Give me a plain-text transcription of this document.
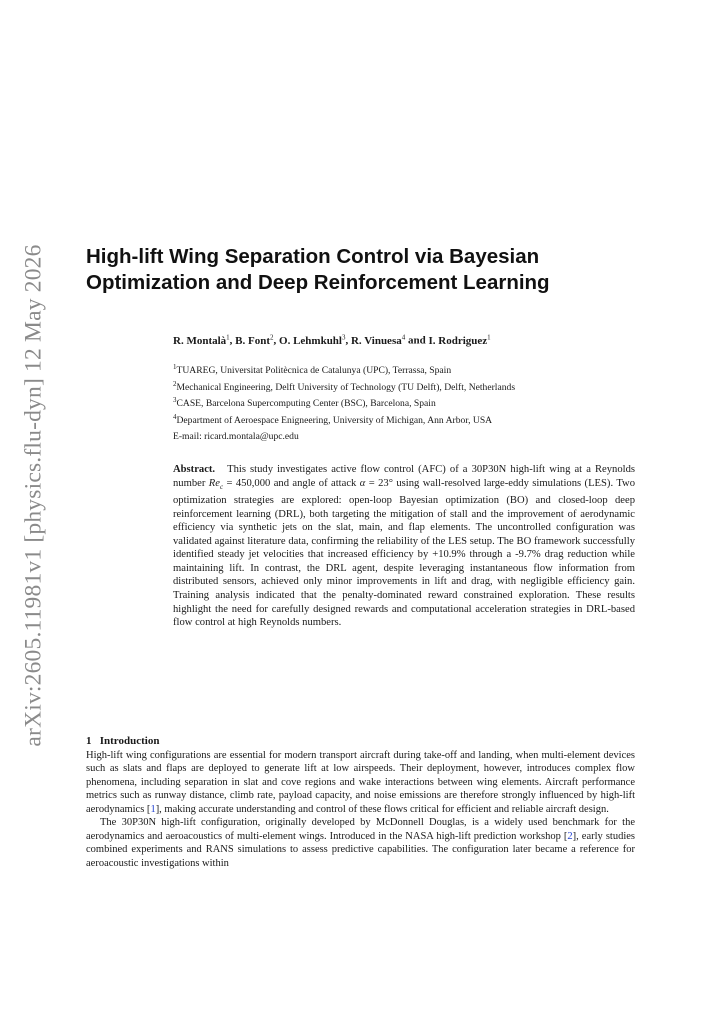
arXiv:2605.11981v1 [physics.flu-dyn] 12 May 2026 High-lift Wing Separation Control via Bayesian Optimization and Deep Reinforcement Learning

R. Montalà$^1$, B. Font$^2$, O. Lehmkuhl$^3$, R. Vinuesa$^4$ and I. Rodriguez$^1$

$^1$TUAREG, Universitat Politècnica de Catalunya (UPC), Terrassa, Spain
$^2$Mechanical Engineering, Delft University of Technology (TU Delft), Delft, Netherlands
$^3$CASE, Barcelona Supercomputing Center (BSC), Barcelona, Spain
$^4$Department of Aeroespace Enigneering, University of Michigan, Ann Arbor, USA
E-mail: ricard.montala@upc.edu

Abstract. This study investigates active flow control (AFC) of a 30P30N high-lift wing at a Reynolds number $Re_c = 450,000$ and angle of attack α = 23° using wall-resolved large-eddy simulations (LES). Two optimization strategies are explored: open-loop Bayesian optimization (BO) and closed-loop deep reinforcement learning (DRL), both targeting the mitigation of stall and the improvement of aerodynamic efficiency via synthetic jets on the slat, main, and flap elements. The uncontrolled configuration was validated against literature data, confirming the reliability of the LES setup. The BO framework successfully identified steady jet velocities that increased efficiency by +10.9% through a -9.7% drag reduction while maintaining lift. In contrast, the DRL agent, despite leveraging instantaneous flow information from distributed sensors, achieved only minor improvements in lift and drag, with negligible efficiency gain. Training analysis indicated that the penalty-dominated reward constrained exploration. These results highlight the need for carefully designed rewards and computational acceleration strategies in DRL-based flow control at high Reynolds numbers.

1 Introduction

High-lift wing configurations are essential for modern transport aircraft during take-off and landing, when multi-element devices such as slats and flaps are deployed to generate lift at low airspeeds. Their deployment, however, introduces complex flow phenomena, including separation in slat and cove regions and wake interactions between wing elements. Aircraft performance metrics such as runway distance, climb rate, payload capacity, and noise emissions are therefore strongly influenced by high-lift aerodynamics [1], making accurate understanding and control of these flows critical for efficient and reliable aircraft design.

The 30P30N high-lift configuration, originally developed by McDonnell Douglas, is a widely used benchmark for the aerodynamics and aeroacoustics of multi-element wings. Introduced in the NASA high-lift prediction workshop [2], early studies combined experiments and RANS simulations to assess predictive capabilities. The configuration later became a reference for aeroacoustic investigations within
